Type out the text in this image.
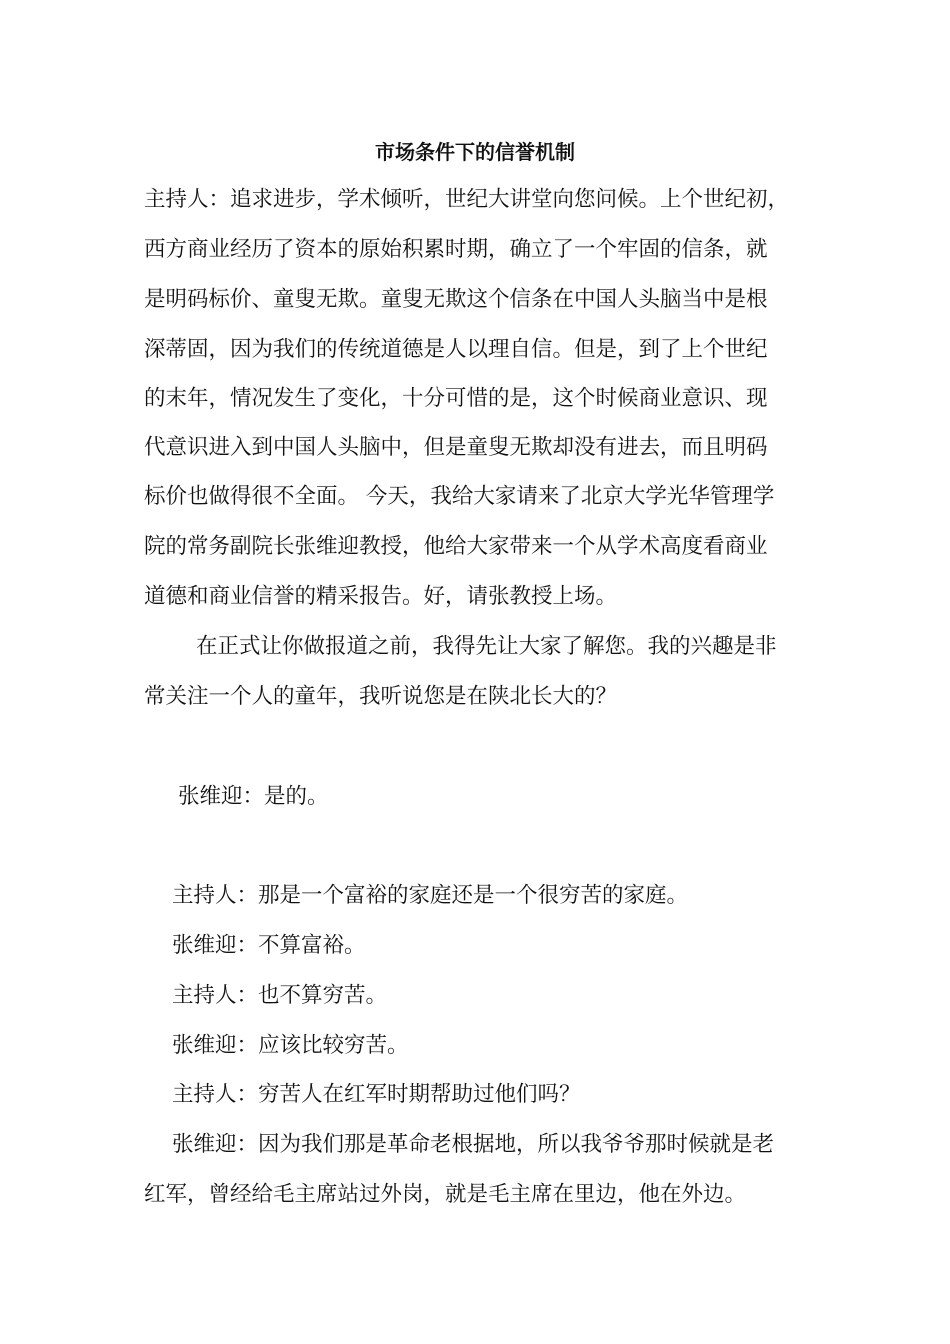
市场条件下的信誉机制
主持人：追求进步，学术倾听，世纪大讲堂向您问候。上个世纪初，
西方商业经历了资本的原始积累时期，确立了一个牢固的信条，就
是明码标价、童叟无欺。童叟无欺这个信条在中国人头脑当中是根
深蒂固，因为我们的传统道德是人以理自信。但是，到了上个世纪
的末年，情况发生了变化，十分可惜的是，这个时候商业意识、现
代意识进入到中国人头脑中，但是童叟无欺却没有进去，而且明码
标价也做得很不全面。 今天，我给大家请来了北京大学光华管理学
院的常务副院长张维迎教授，他给大家带来一个从学术高度看商业
道德和商业信誉的精采报告。好，请张教授上场。
在正式让你做报道之前，我得先让大家了解您。我的兴趣是非
常关注一个人的童年，我听说您是在陕北长大的？
张维迎：是的。
主持人：那是一个富裕的家庭还是一个很穷苦的家庭。
张维迎：不算富裕。
主持人：也不算穷苦。
张维迎：应该比较穷苦。
主持人：穷苦人在红军时期帮助过他们吗？
张维迎：因为我们那是革命老根据地，所以我爷爷那时候就是老
红军，曾经给毛主席站过外岗，就是毛主席在里边，他在外边。
